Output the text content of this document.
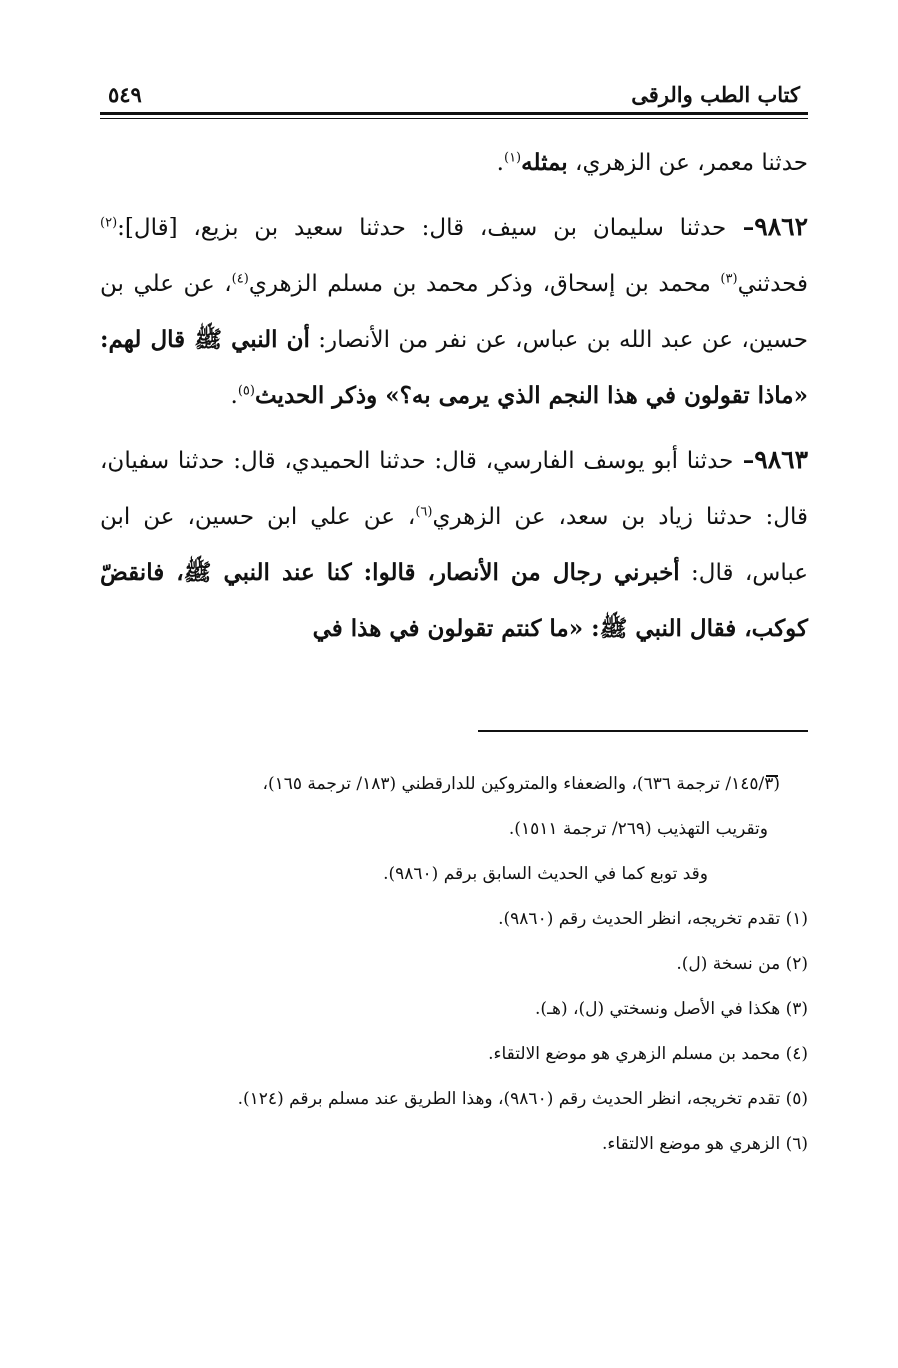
كتاب الطب والرقى
٥٤٩

حدثنا معمر، عن الزهري، بمثله$^{(١)}$.

٩٨٦٢– حدثنا سليمان بن سيف، قال: حدثنا سعيد بن بزيع، [قال]:$^{(٢)}$ فحدثني$^{(٣)}$ محمد بن إسحاق، وذكر محمد بن مسلم الزهري$^{(٤)}$، عن علي بن حسين، عن عبد الله بن عباس، عن نفر من الأنصار: أن النبي ﷺ قال لهم: «ماذا تقولون في هذا النجم الذي يرمى به؟» وذكر الحديث$^{(٥)}$.

٩٨٦٣– حدثنا أبو يوسف الفارسي، قال: حدثنا الحميدي، قال: حدثنا سفيان، قال: حدثنا زياد بن سعد، عن الزهري$^{(٦)}$، عن علي ابن حسين، عن ابن عباس، قال: أخبرني رجال من الأنصار، قالوا: كنا عند النبي ﷺ، فانقضّ كوكب، فقال النبي ﷺ: «ما كنتم تقولون في هذا في

(١٤٥/٣/ ترجمة ٦٣٦)، والضعفاء والمتروكين للدارقطني (١٨٣/ ترجمة ١٦٥)،
وتقريب التهذيب (٢٦٩/ ترجمة ١٥١١).
وقد توبع كما في الحديث السابق برقم (٩٨٦٠).
(١) تقدم تخريجه، انظر الحديث رقم (٩٨٦٠).
(٢) من نسخة (ل).
(٣) هكذا في الأصل ونسختي (ل)، (هـ).
(٤) محمد بن مسلم الزهري هو موضع الالتقاء.
(٥) تقدم تخريجه، انظر الحديث رقم (٩٨٦٠)، وهذا الطريق عند مسلم برقم (١٢٤).
(٦) الزهري هو موضع الالتقاء.
